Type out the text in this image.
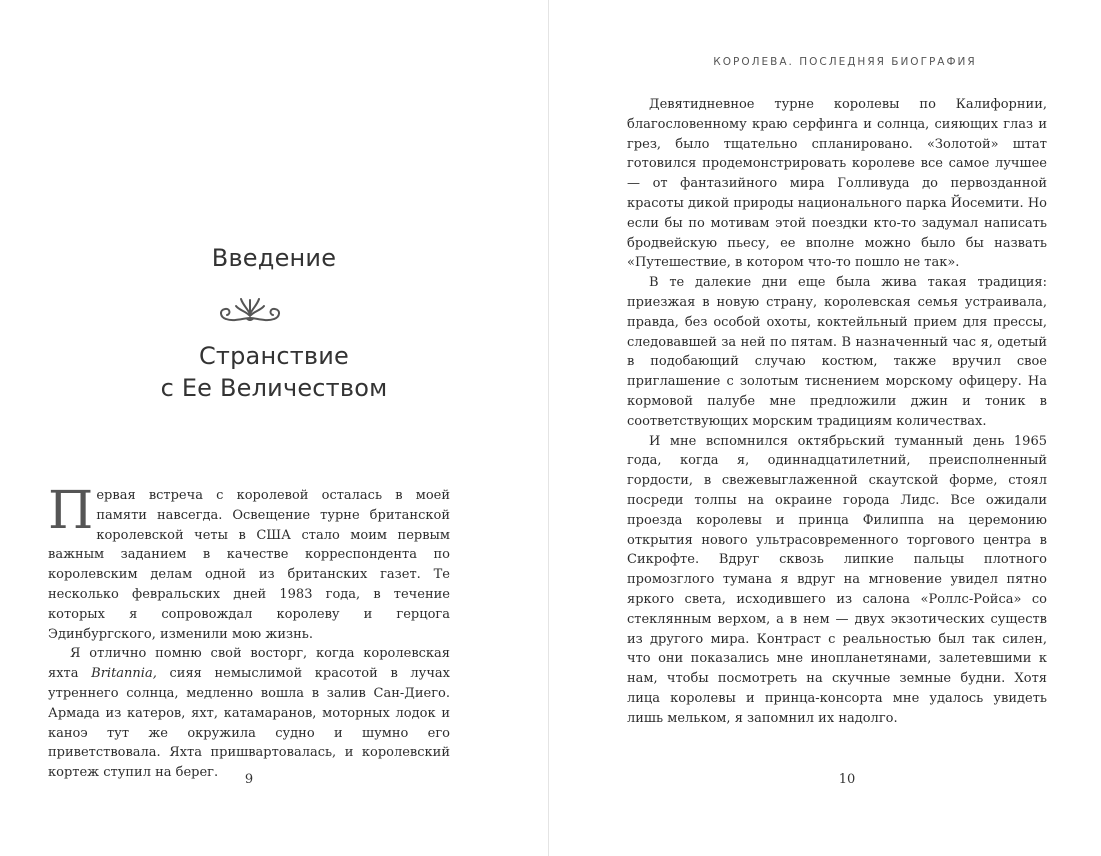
Введение
Странствие
с Ее Величеством

Первая встреча с королевой осталась в моей памяти навсегда. Освещение турне британской королевской четы в США стало моим первым важным заданием в качестве корреспондента по королевским делам одной из британских газет. Те несколько февральских дней 1983 года, в течение которых я сопровождал королеву и герцога Эдинбургского, изменили мою жизнь.

Я отлично помню свой восторг, когда королевская яхта Britannia, сияя немыслимой красотой в лучах утреннего солнца, медленно вошла в залив Сан-Диего. Армада из катеров, яхт, катамаранов, моторных лодок и каноэ тут же окружила судно и шумно его приветствовала. Яхта пришвартовалась, и королевский кортеж ступил на берег.	9
КОРОЛЕВА. ПОСЛЕДНЯЯ БИОГРАФИЯ

Девятидневное турне королевы по Калифорнии, благословенному краю серфинга и солнца, сияющих глаз и грез, было тщательно спланировано. «Золотой» штат готовился продемонстрировать королеве все самое лучшее — от фантазийного мира Голливуда до первозданной красоты дикой природы национального парка Йосемити. Но если бы по мотивам этой поездки кто-то задумал написать бродвейскую пьесу, ее вполне можно было бы назвать «Путешествие, в котором что-то пошло не так».

В те далекие дни еще была жива такая традиция: приезжая в новую страну, королевская семья устраивала, правда, без особой охоты, коктейльный прием для прессы, следовавшей за ней по пятам. В назначенный час я, одетый в подобающий случаю костюм, также вручил свое приглашение с золотым тиснением морскому офицеру. На кормовой палубе мне предложили джин и тоник в соответствующих морским традициям количествах.

И мне вспомнился октябрьский туманный день 1965 года, когда я, одиннадцатилетний, преисполненный гордости, в свежевыглаженной скаутской форме, стоял посреди толпы на окраине города Лидс. Все ожидали проезда королевы и принца Филиппа на церемонию открытия нового ультрасовременного торгового центра в Сикрофте. Вдруг сквозь липкие пальцы плотного промозглого тумана я вдруг на мгновение увидел пятно яркого света, исходившего из салона «Роллс-Ройса» со стеклянным верхом, а в нем — двух экзотических существ из другого мира. Контраст с реальностью был так силен, что они показались мне инопланетянами, залетевшими к нам, чтобы посмотреть на скучные земные будни. Хотя лица королевы и принца-консорта мне удалось увидеть лишь мельком, я запомнил их надолго.

10
